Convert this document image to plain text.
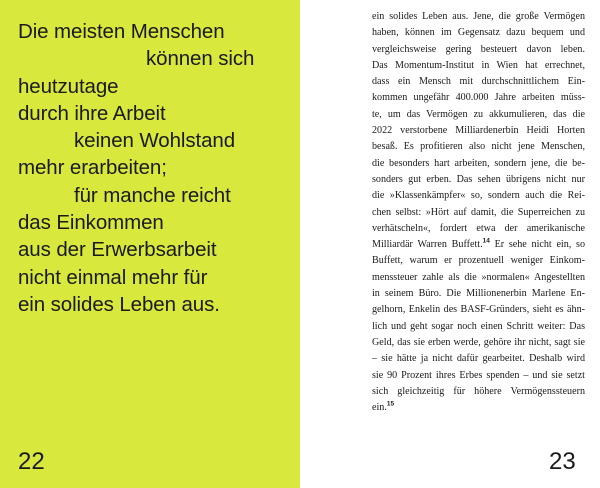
Die meisten Menschen
können sich
heutzutage
durch ihre Arbeit
keinen Wohlstand
mehr erarbeiten;
für manche reicht
das Einkommen
aus der Erwerbsarbeit
nicht einmal mehr für
ein solides Leben aus.
22
ein solides Leben aus. Jene, die große Vermögen
haben, können im Gegensatz dazu bequem und
vergleichsweise gering besteuert davon leben.
Das Momentum-Institut in Wien hat errechnet,
dass ein Mensch mit durchschnittlichem Ein-
kommen ungefähr 400.000 Jahre arbeiten müss-
te, um das Vermögen zu akkumulieren, das die
2022 verstorbene Milliardenerbin Heidi Horten
besaß. Es profitieren also nicht jene Menschen,
die besonders hart arbeiten, sondern jene, die be-
sonders gut erben. Das sehen übrigens nicht nur
die »Klassenkämpfer« so, sondern auch die Rei-
chen selbst: »Hört auf damit, die Superreichen zu
verhätscheln«, fordert etwa der amerikanische
Milliardär Warren Buffett.$^{14}$ Er sehe nicht ein, so
Buffett, warum er prozentuell weniger Einkom-
menssteuer zahle als die »normalen« Angestellten
in seinem Büro. Die Millionenerbin Marlene En-
gelhorn, Enkelin des BASF-Gründers, sieht es ähn-
lich und geht sogar noch einen Schritt weiter: Das
Geld, das sie erben werde, gehöre ihr nicht, sagt sie
– sie hätte ja nicht dafür gearbeitet. Deshalb wird
sie 90 Prozent ihres Erbes spenden – und sie setzt
sich gleichzeitig für höhere Vermögenssteuern
ein.$^{15}$
23
